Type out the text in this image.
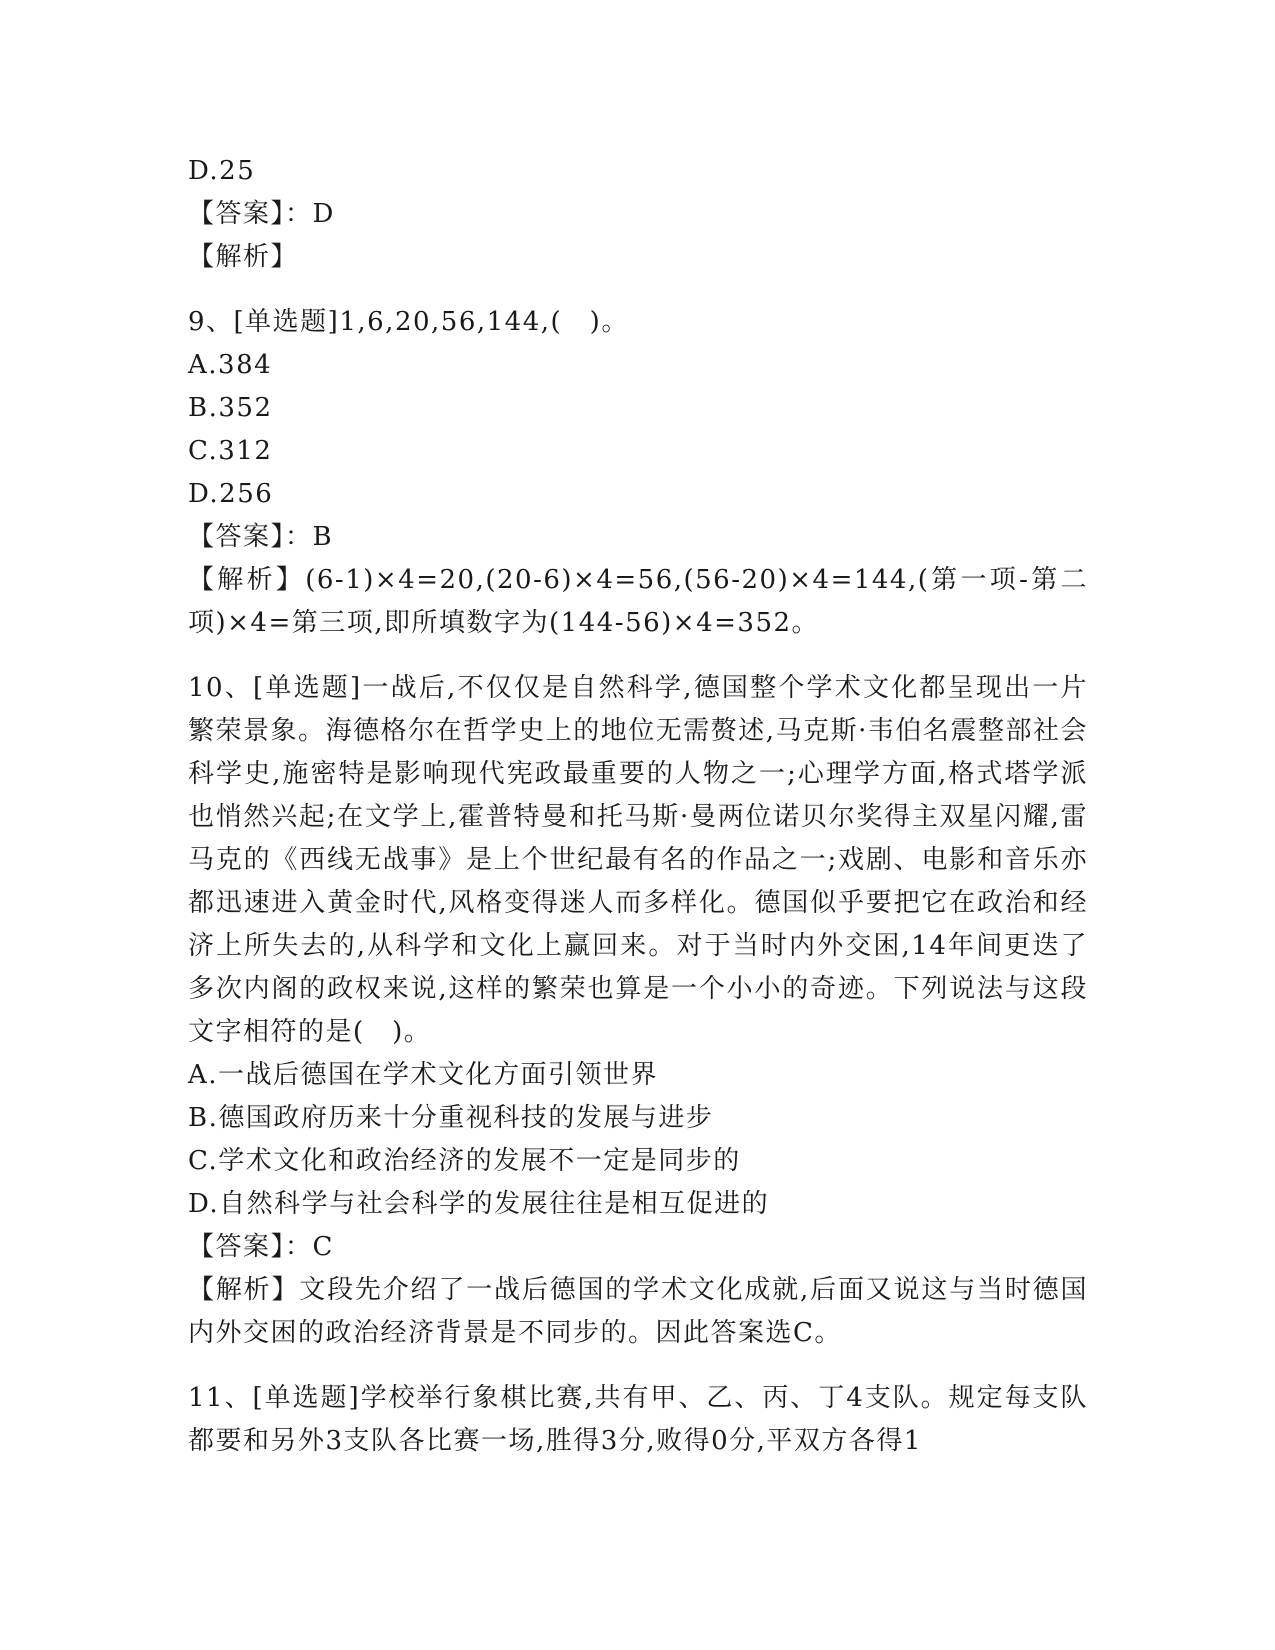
D.25
【答案】：D
【解析】
9、[单选题]1,6,20,56,144,(　)。
A.384
B.352
C.312
D.256
【答案】：B
【解析】(6-1)×4=20,(20-6)×4=56,(56-20)×4=144,(第一项-第二项)×4=第三项,即所填数字为(144-56)×4=352。
10、[单选题]一战后,不仅仅是自然科学,德国整个学术文化都呈现出一片繁荣景象。海德格尔在哲学史上的地位无需赘述,马克斯·韦伯名震整部社会科学史,施密特是影响现代宪政最重要的人物之一;心理学方面,格式塔学派也悄然兴起;在文学上,霍普特曼和托马斯·曼两位诺贝尔奖得主双星闪耀,雷马克的《西线无战事》是上个世纪最有名的作品之一;戏剧、电影和音乐亦都迅速进入黄金时代,风格变得迷人而多样化。德国似乎要把它在政治和经济上所失去的,从科学和文化上赢回来。对于当时内外交困,14年间更迭了多次内阁的政权来说,这样的繁荣也算是一个小小的奇迹。下列说法与这段文字相符的是(　)。
A.一战后德国在学术文化方面引领世界
B.德国政府历来十分重视科技的发展与进步
C.学术文化和政治经济的发展不一定是同步的
D.自然科学与社会科学的发展往往是相互促进的
【答案】：C
【解析】文段先介绍了一战后德国的学术文化成就,后面又说这与当时德国内外交困的政治经济背景是不同步的。因此答案选C。
11、[单选题]学校举行象棋比赛,共有甲、乙、丙、丁4支队。规定每支队都要和另外3支队各比赛一场,胜得3分,败得0分,平双方各得1
